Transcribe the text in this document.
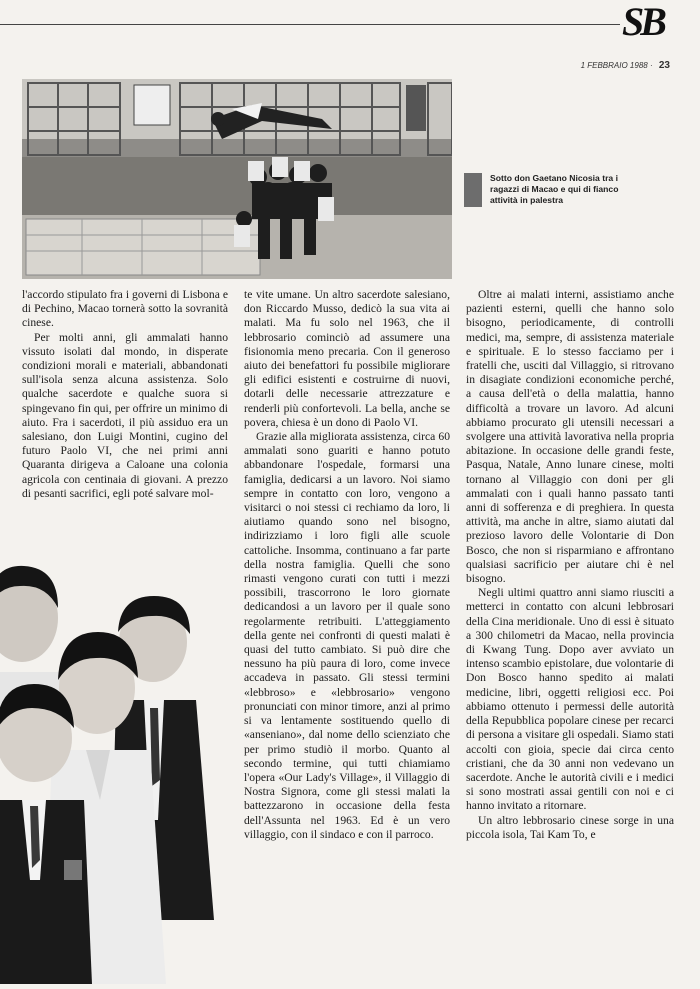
SB
1 FEBBRAIO 1988 · 23
Sotto don Gaetano Nicosia tra i ragazzi di Macao e qui di fianco attività in palestra

l'accordo stipulato fra i governi di Lisbona e di Pechino, Macao tornerà sotto la sovranità cinese.

Per molti anni, gli ammalati hanno vissuto isolati dal mondo, in disperate condizioni morali e materiali, abbandonati sull'isola senza alcuna assistenza. Solo qualche sacerdote e qualche suora si spingevano fin qui, per offrire un minimo di aiuto. Fra i sacerdoti, il più assiduo era un salesiano, don Luigi Montini, cugino del futuro Paolo VI, che nei primi anni Quaranta dirigeva a Caloane una colonia agricola con centinaia di giovani. A prezzo di pesanti sacrifici, egli poté salvare mol-

te vite umane. Un altro sacerdote salesiano, don Riccardo Musso, dedicò la sua vita ai malati. Ma fu solo nel 1963, che il lebbrosario cominciò ad assumere una fisionomia meno precaria. Con il generoso aiuto dei benefattori fu possibile migliorare gli edifici esistenti e costruirne di nuovi, dotarli delle necessarie attrezzature e renderli più confortevoli. La bella, anche se povera, chiesa è un dono di Paolo VI.

Grazie alla migliorata assistenza, circa 60 ammalati sono guariti e hanno potuto abbandonare l'ospedale, formarsi una famiglia, dedicarsi a un lavoro. Noi siamo sempre in contatto con loro, vengono a visitarci o noi stessi ci rechiamo da loro, li aiutiamo quando sono nel bisogno, indirizziamo i loro figli alle scuole cattoliche. Insomma, continuano a far parte della nostra famiglia. Quelli che sono rimasti vengono curati con tutti i mezzi possibili, trascorrono le loro giornate dedicandosi a un lavoro per il quale sono regolarmente retribuiti. L'atteggiamento della gente nei confronti di questi malati è quasi del tutto cambiato. Si può dire che nessuno ha più paura di loro, come invece accadeva in passato. Gli stessi termini «lebbroso» e «lebbrosario» vengono pronunciati con minor timore, anzi al primo si va lentamente sostituendo quello di «anseniano», dal nome dello scienziato che per primo studiò il morbo. Quanto al secondo termine, qui tutti chiamiamo l'opera «Our Lady's Village», il Villaggio di Nostra Signora, come gli stessi malati la battezzarono in occasione della festa dell'Assunta nel 1963. Ed è un vero villaggio, con il sindaco e con il parroco.

Oltre ai malati interni, assistiamo anche pazienti esterni, quelli che hanno solo bisogno, periodicamente, di controlli medici, ma, sempre, di assistenza materiale e spirituale. E lo stesso facciamo per i fratelli che, usciti dal Villaggio, si ritrovano in disagiate condizioni economiche perché, a causa dell'età o della malattia, hanno difficoltà a trovare un lavoro. Ad alcuni abbiamo procurato gli utensili necessari a svolgere una attività lavorativa nella propria abitazione. In occasione delle grandi feste, Pasqua, Natale, Anno lunare cinese, molti tornano al Villaggio con doni per gli ammalati con i quali hanno passato tanti anni di sofferenza e di preghiera. In questa attività, ma anche in altre, siamo aiutati dal prezioso lavoro delle Volontarie di Don Bosco, che non si risparmiano e affrontano qualsiasi sacrificio per aiutare chi è nel bisogno.

Negli ultimi quattro anni siamo riusciti a metterci in contatto con alcuni lebbrosari della Cina meridionale. Uno di essi è situato a 300 chilometri da Macao, nella provincia di Kwang Tung. Dopo aver avviato un intenso scambio epistolare, due volontarie di Don Bosco hanno spedito ai malati medicine, libri, oggetti religiosi ecc. Poi abbiamo ottenuto i permessi delle autorità della Repubblica popolare cinese per recarci di persona a visitare gli ospedali. Siamo stati accolti con gioia, specie dai circa cento cristiani, che da 30 anni non vedevano un sacerdote. Anche le autorità civili e i medici si sono mostrati assai gentili con noi e ci hanno invitato a ritornare.

Un altro lebbrosario cinese sorge in una piccola isola, Tai Kam To, e
